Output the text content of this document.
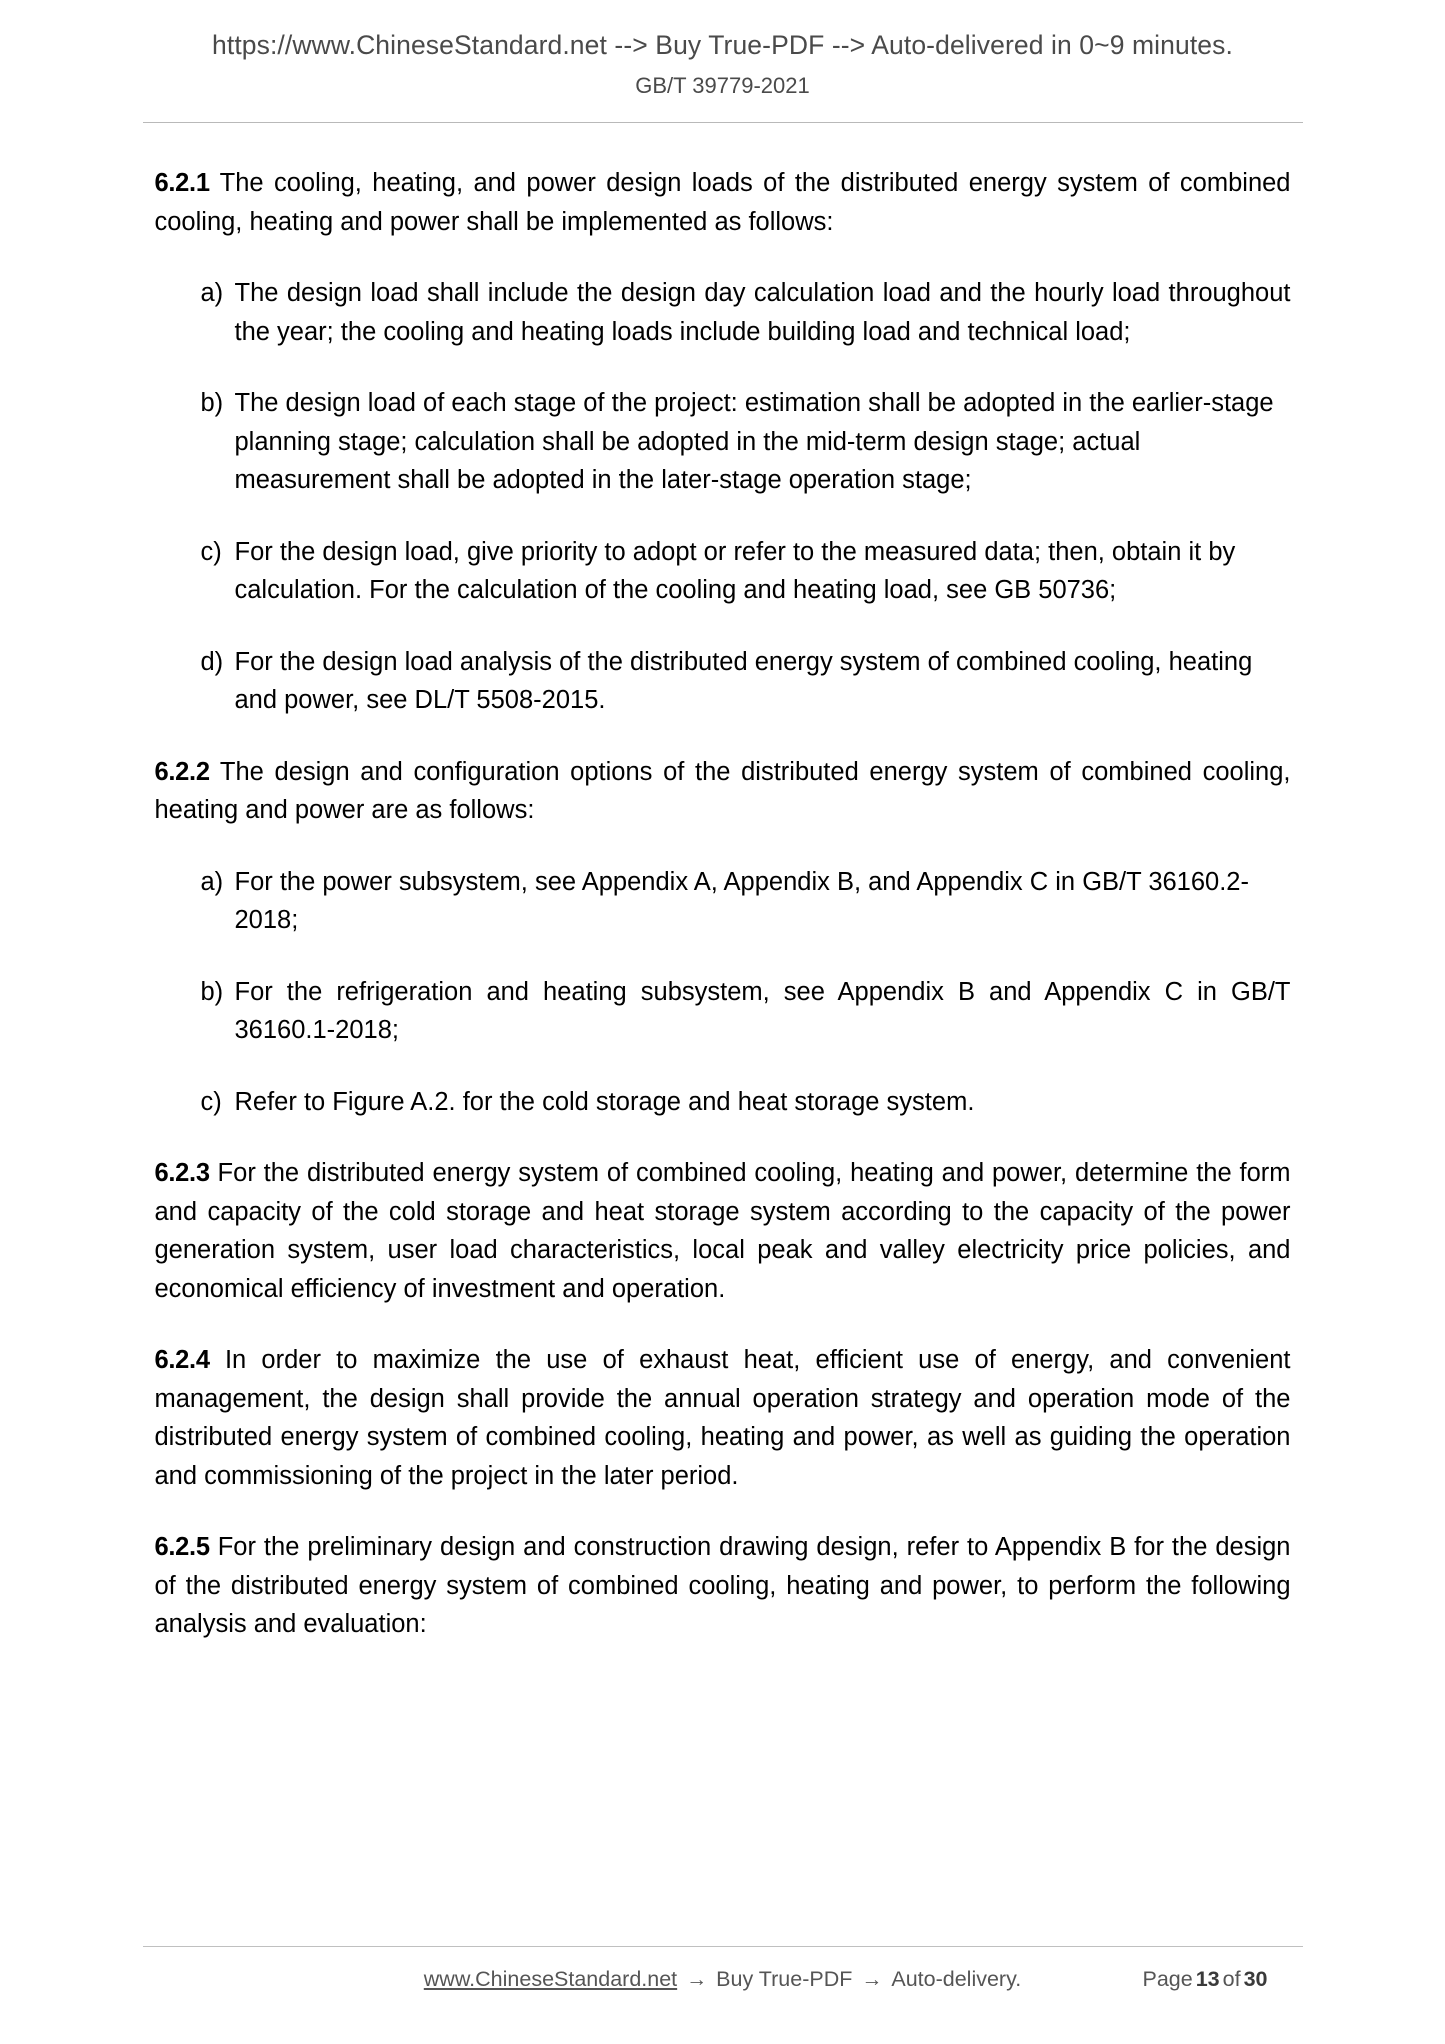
https://www.ChineseStandard.net --> Buy True-PDF --> Auto-delivered in 0~9 minutes.
GB/T 39779-2021

6.2.1 The cooling, heating, and power design loads of the distributed energy system of combined cooling, heating and power shall be implemented as follows:

a) The design load shall include the design day calculation load and the hourly load throughout the year; the cooling and heating loads include building load and technical load;
b) The design load of each stage of the project: estimation shall be adopted in the earlier-stage planning stage; calculation shall be adopted in the mid-term design stage; actual measurement shall be adopted in the later-stage operation stage;
c) For the design load, give priority to adopt or refer to the measured data; then, obtain it by calculation. For the calculation of the cooling and heating load, see GB 50736;
d) For the design load analysis of the distributed energy system of combined cooling, heating and power, see DL/T 5508-2015.

6.2.2 The design and configuration options of the distributed energy system of combined cooling, heating and power are as follows:

a) For the power subsystem, see Appendix A, Appendix B, and Appendix C in GB/T 36160.2-2018;
b) For the refrigeration and heating subsystem, see Appendix B and Appendix C in GB/T 36160.1-2018;
c) Refer to Figure A.2. for the cold storage and heat storage system.

6.2.3 For the distributed energy system of combined cooling, heating and power, determine the form and capacity of the cold storage and heat storage system according to the capacity of the power generation system, user load characteristics, local peak and valley electricity price policies, and economical efficiency of investment and operation.

6.2.4 In order to maximize the use of exhaust heat, efficient use of energy, and convenient management, the design shall provide the annual operation strategy and operation mode of the distributed energy system of combined cooling, heating and power, as well as guiding the operation and commissioning of the project in the later period.

6.2.5 For the preliminary design and construction drawing design, refer to Appendix B for the design of the distributed energy system of combined cooling, heating and power, to perform the following analysis and evaluation:

www.ChineseStandard.net → Buy True-PDF → Auto-delivery.	Page 13 of 30
